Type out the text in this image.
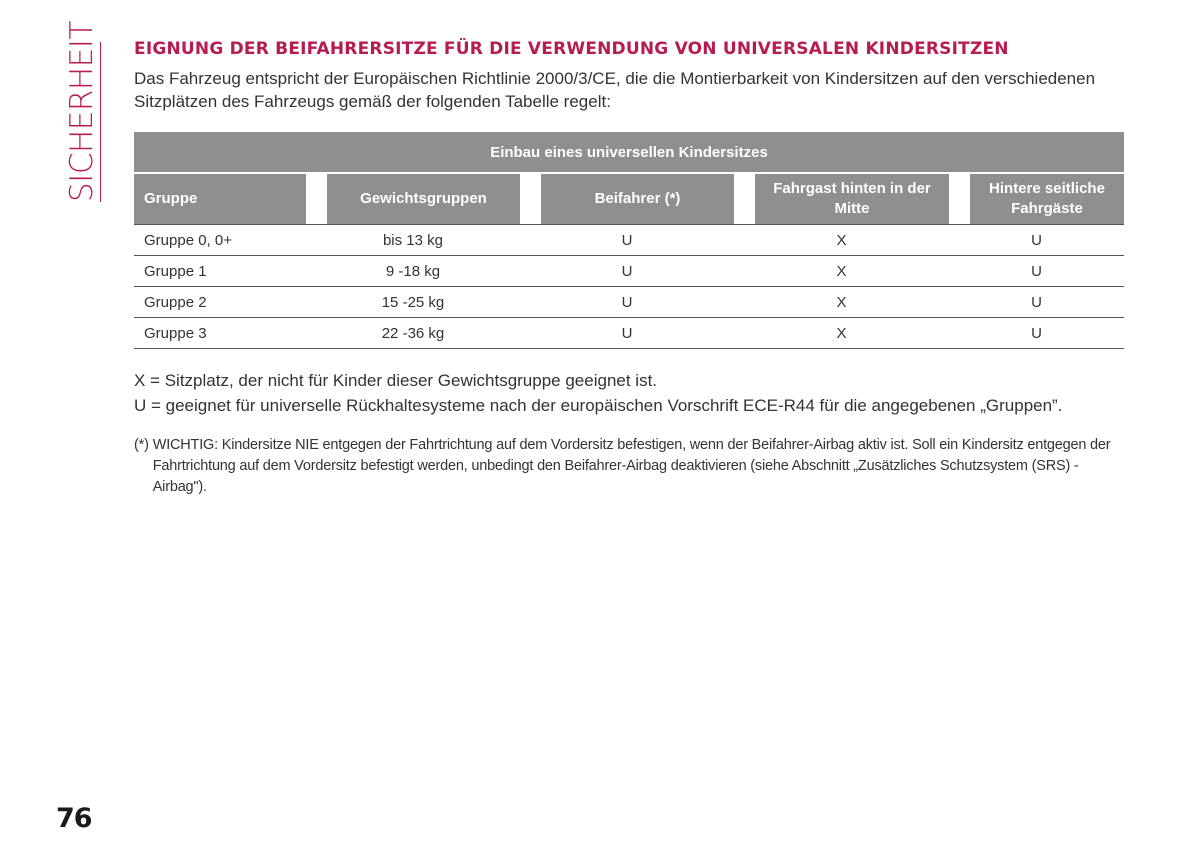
SICHERHEIT EIGNUNG DER BEIFAHRERSITZE FÜR DIE VERWENDUNG VON UNIVERSALEN KINDERSITZEN

Das Fahrzeug entspricht der Europäischen Richtlinie 2000/3/CE, die die Montierbarkeit von Kindersitzen auf den verschiedenen Sitzplätzen des Fahrzeugs gemäß der folgenden Tabelle regelt:

Einbau eines universellen Kindersitzes				
Gruppe	Gewichtsgruppen	Beifahrer (*)	Fahrgast hinten in der Mitte	Hintere seitliche Fahrgäste
Gruppe 0, 0+	bis 13 kg	U	X	U
Gruppe 1	9 -18 kg	U	X	U
Gruppe 2	15 -25 kg	U	X	U
Gruppe 3	22 -36 kg	U	X	U

X = Sitzplatz, der nicht für Kinder dieser Gewichtsgruppe geeignet ist.

U = geeignet für universelle Rückhaltesysteme nach der europäischen Vorschrift ECE-R44 für die angegebenen „Gruppen”.

(*) WICHTIG: Kindersitze NIE entgegen der Fahrtrichtung auf dem Vordersitz befestigen, wenn der Beifahrer-Airbag aktiv ist. Soll ein Kindersitz entgegen der Fahrtrichtung auf dem Vordersitz befestigt werden, unbedingt den Beifahrer-Airbag deaktivieren (siehe Abschnitt „Zusätzliches Schutzsystem (SRS) - Airbag").
76
